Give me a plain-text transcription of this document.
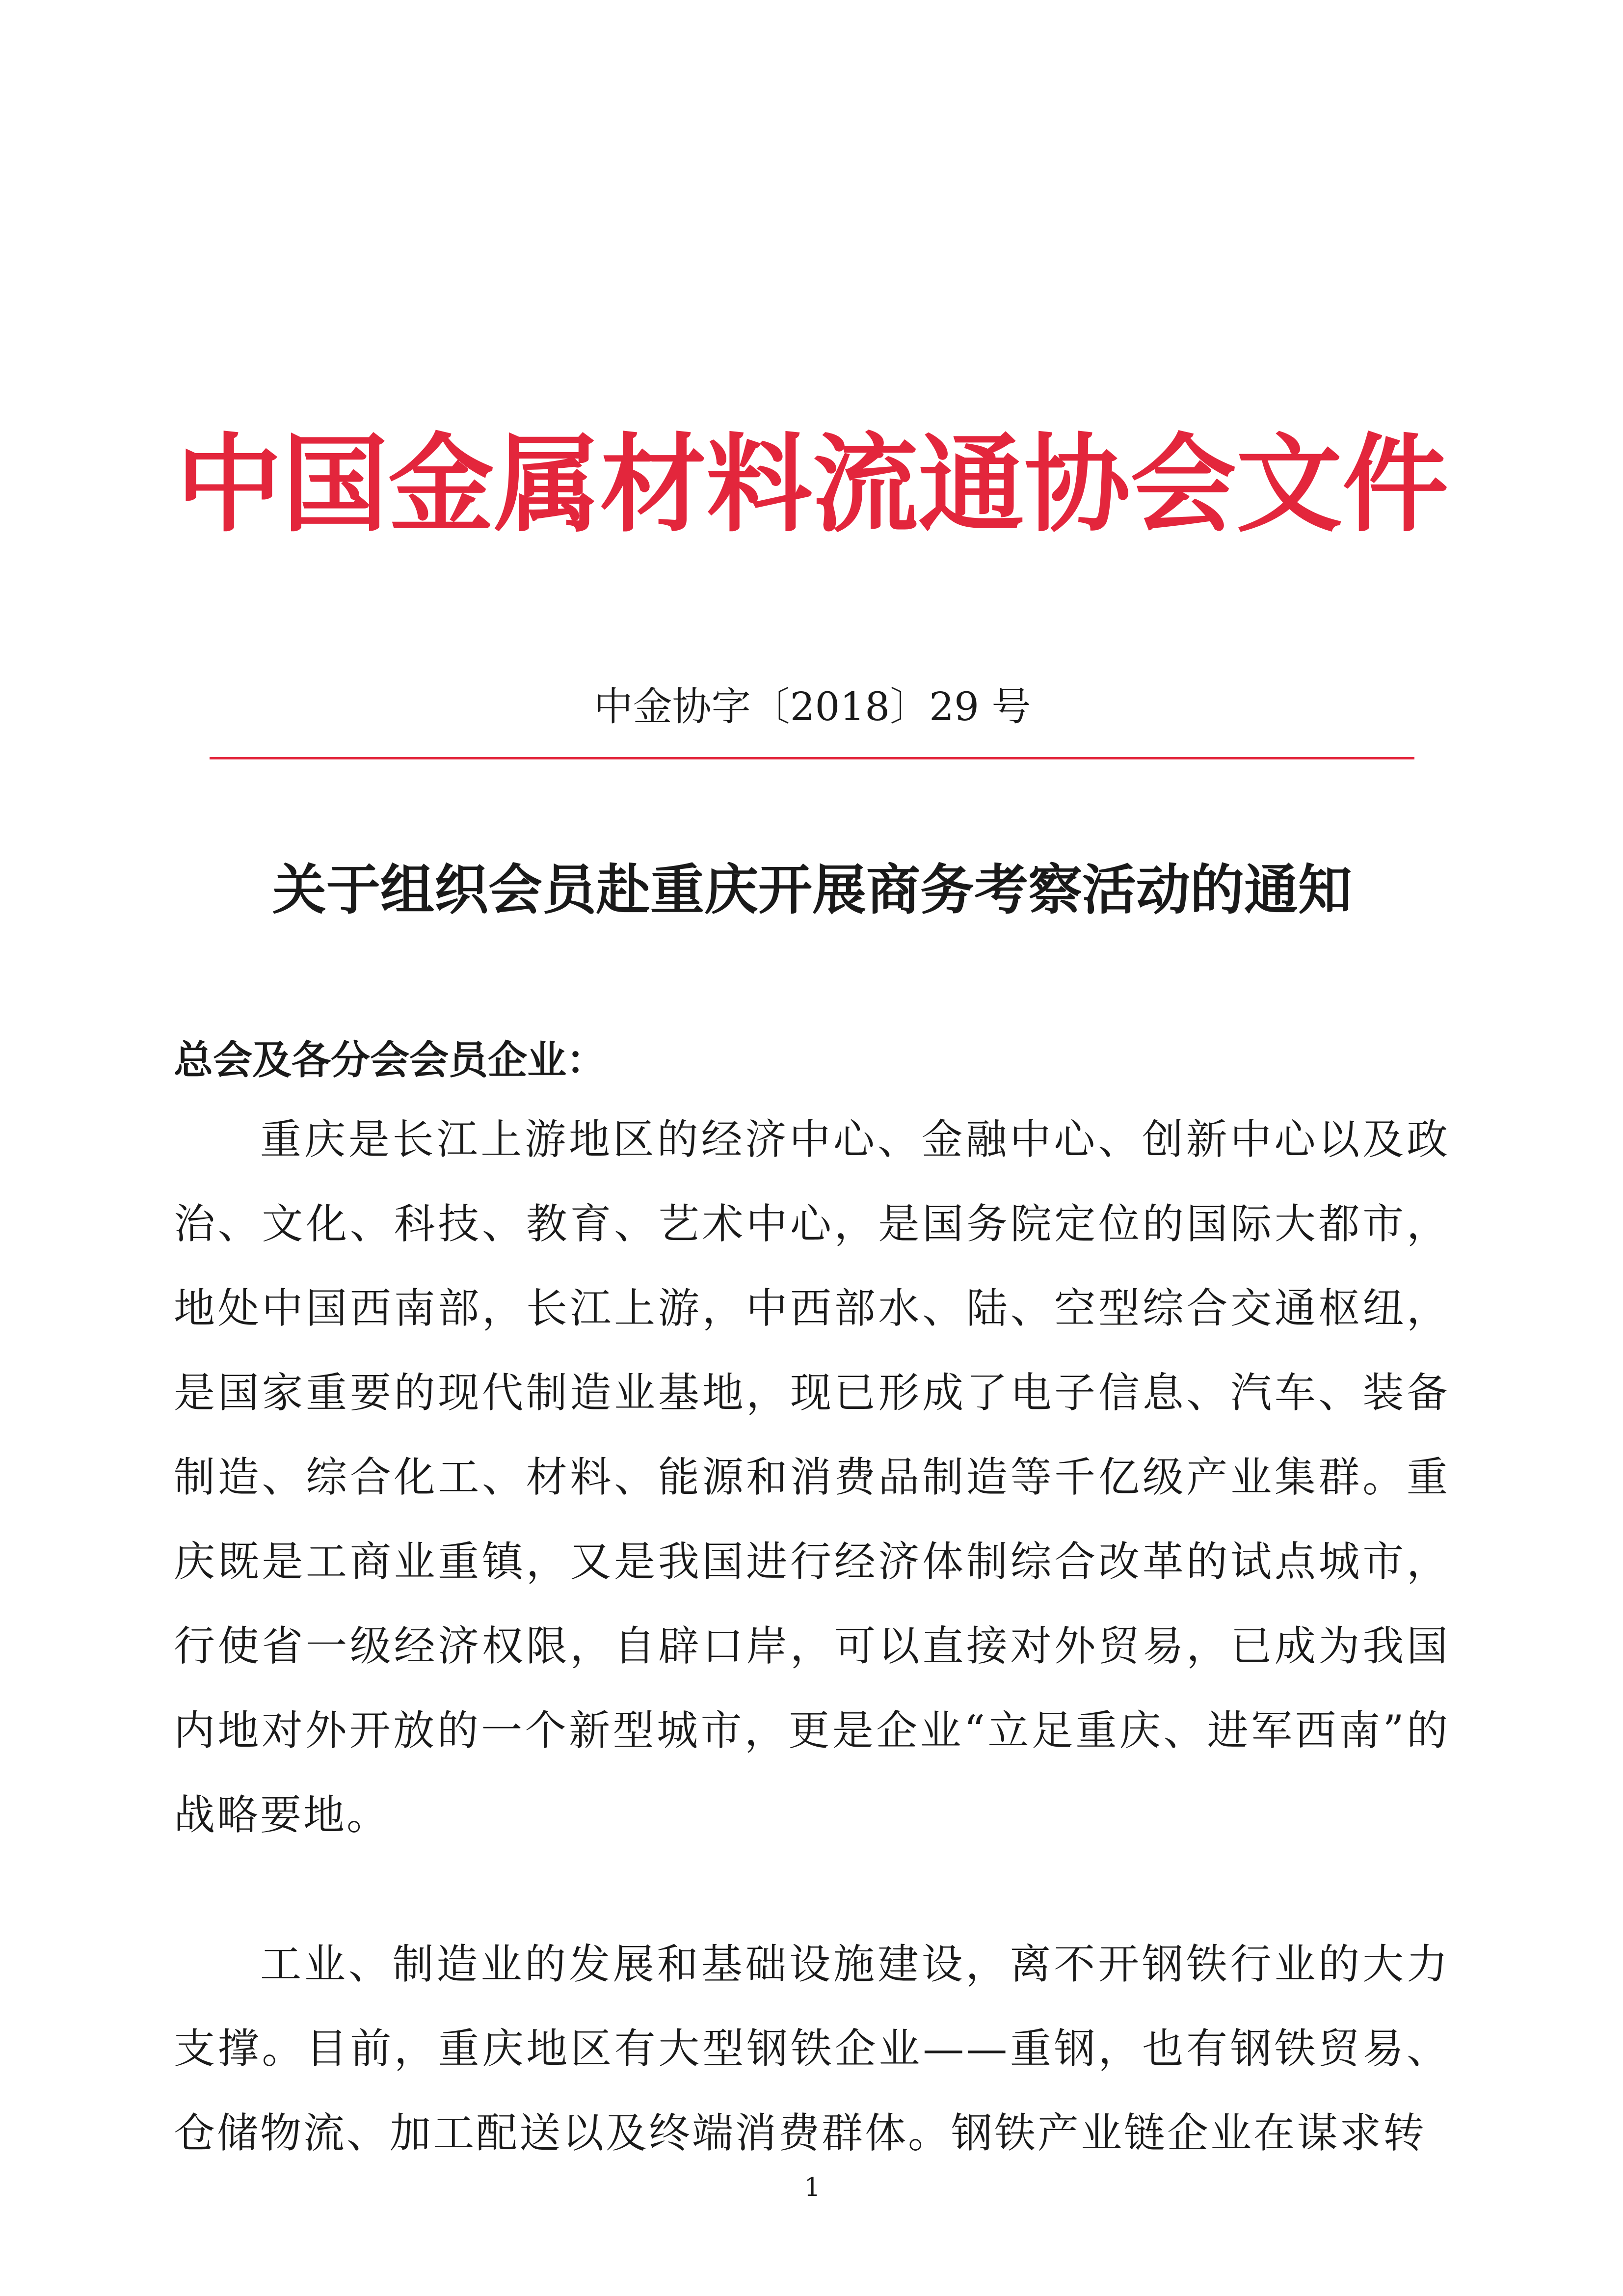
中国金属材料流通协会文件
中金协字〔2018〕29 号
关于组织会员赴重庆开展商务考察活动的通知
总会及各分会会员企业：

重庆是长江上游地区的经济中心、金融中心、创新中心以及政治、文化、科技、教育、艺术中心，是国务院定位的国际大都市，地处中国西南部，长江上游，中西部水、陆、空型综合交通枢纽，是国家重要的现代制造业基地，现已形成了电子信息、汽车、装备制造、综合化工、材料、能源和消费品制造等千亿级产业集群。重庆既是工商业重镇，又是我国进行经济体制综合改革的试点城市，行使省一级经济权限，自辟口岸，可以直接对外贸易，已成为我国内地对外开放的一个新型城市，更是企业“立足重庆、进军西南”的战略要地。

工业、制造业的发展和基础设施建设，离不开钢铁行业的大力支撑。目前，重庆地区有大型钢铁企业——重钢，也有钢铁贸易、仓储物流、加工配送以及终端消费群体。钢铁产业链企业在谋求转

1
